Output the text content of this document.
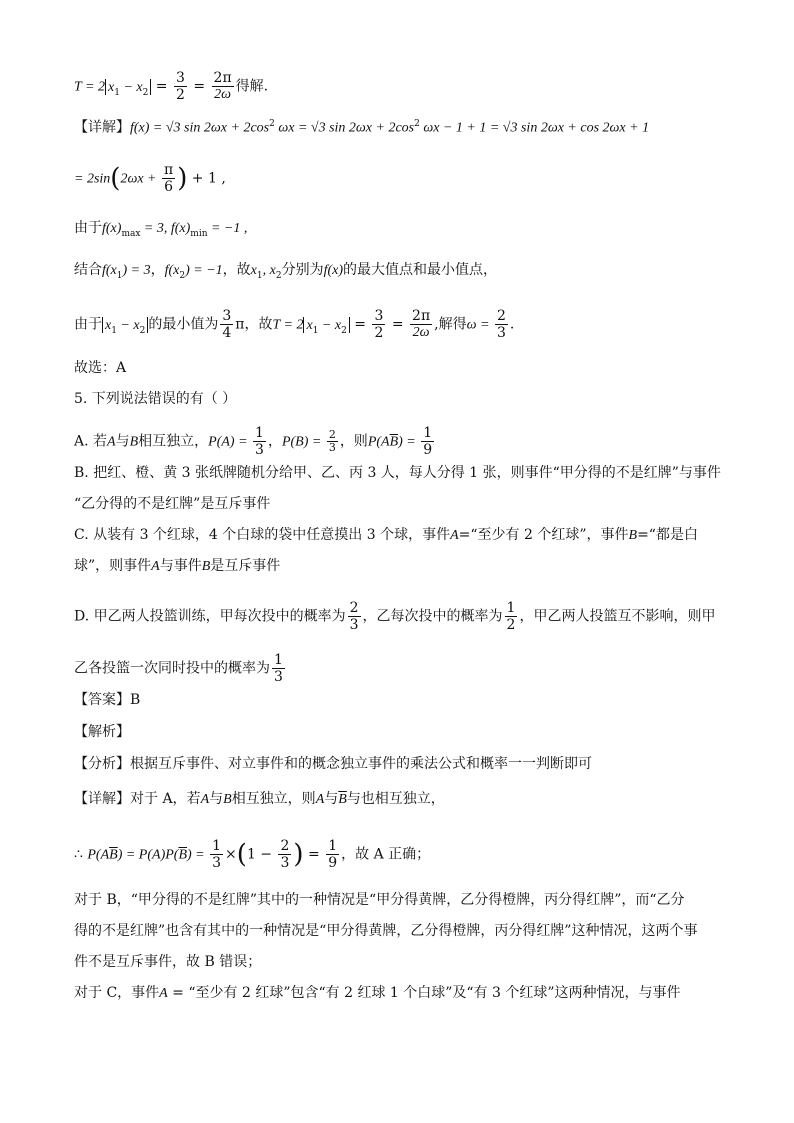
T = 2 $x_1 - x_2 = \frac{3}{2} = \frac{2\pi}{2\omega}$ 得解.
【详解】f(x) = √3 $\sin 2\omega x + 2\cos^2$ ωx = √3 $\sin 2\omega x + 2\cos^2$ ωx − 1 + 1 = √3 sin 2ωx + cos 2ωx + 1
= $2\sin(2\omega x + \frac{\pi}{6}$ ) + 1 ,
由于$f(x)_{max} = 3$, $f(x)_{min} = -1$ ,
结合$f(x_1) = 3$，$f(x_2) = -1$，故$x_1$, $x_2$分别为f(x)的最大值点和最小值点，
由于 $x_1 - x_2$ 的最小值为 $\frac{3}{4}$ π，故T = 2 $x_1 - x_2 = \frac{3}{2} = \frac{2\pi}{2\omega}$ ,解得$\omega = \frac{2}{3}$ .
故选：A
5. 下列说法错误的有（ ）
A. 若A与B相互独立，$P(A) = \frac{1}{3}$ ，$P(B) = \frac{2}{3}$ ，则$P(A\overline{B}) = \frac{1}{9}$
B. 把红、橙、黄 3 张纸牌随机分给甲、乙、丙 3 人，每人分得 1 张，则事件“甲分得的不是红牌”与事件
“乙分得的不是红牌”是互斥事件
C. 从装有 3 个红球，4 个白球的袋中任意摸出 3 个球，事件A=“至少有 2 个红球”，事件B=“都是白
球”，则事件A与事件B是互斥事件
D. 甲乙两人投篮训练，甲每次投中的概率为 $\frac{2}{3}$ ，乙每次投中的概率为 $\frac{1}{2}$ ，甲乙两人投篮互不影响，则甲
乙各投篮一次同时投中的概率为 $\frac{1}{3}$
【答案】B
【解析】
【分析】根据互斥事件、对立事件和的概念独立事件的乘法公式和概率一一判断即可
【详解】对于 A，若A与B相互独立，则A与$\overline{B}$与也相互独立，
∴ $P(A\overline{B}) = P(A)P(\overline{B}) = \frac{1}{3} \times(1 - \frac{2}{3}$ ) = $\frac{1}{9}$ ，故 A 正确；
对于 B，“甲分得的不是红牌”其中的一种情况是“甲分得黄牌，乙分得橙牌，丙分得红牌”，而“乙分
得的不是红牌”也含有其中的一种情况是“甲分得黄牌，乙分得橙牌，丙分得红牌”这种情况，这两个事
件不是互斥事件，故 B 错误；
对于 C，事件A = “至少有 2 红球”包含“有 2 红球 1 个白球”及“有 3 个红球”这两种情况，与事件
